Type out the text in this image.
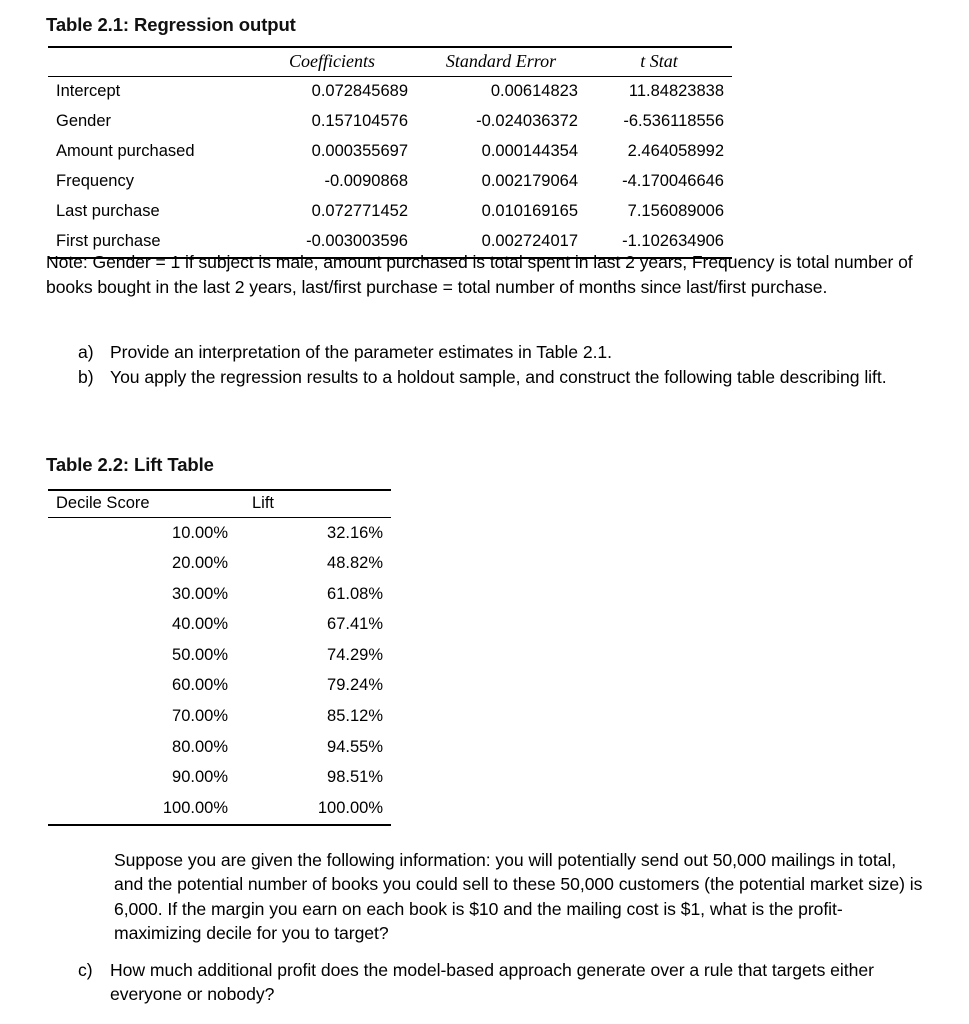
Table 2.1: Regression output
	Coefficients	Standard Error	t Stat
Intercept	0.072845689	0.00614823	11.84823838
Gender	0.157104576	-0.024036372	-6.536118556
Amount purchased	0.000355697	0.000144354	2.464058992
Frequency	-0.0090868	0.002179064	-4.170046646
Last purchase	0.072771452	0.010169165	7.156089006
First purchase	-0.003003596	0.002724017	-1.102634906
Note: Gender = 1 if subject is male, amount purchased is total spent in last 2 years, Frequency is total number of books bought in the last 2 years, last/first purchase = total number of months since last/first purchase.
a) Provide an interpretation of the parameter estimates in Table 2.1.
b) You apply the regression results to a holdout sample, and construct the following table describing lift.
Table 2.2: Lift Table
Decile Score	Lift
10.00%	32.16%
20.00%	48.82%
30.00%	61.08%
40.00%	67.41%
50.00%	74.29%
60.00%	79.24%
70.00%	85.12%
80.00%	94.55%
90.00%	98.51%
100.00%	100.00%
Suppose you are given the following information: you will potentially send out 50,000 mailings in total, and the potential number of books you could sell to these 50,000 customers (the potential market size) is 6,000. If the margin you earn on each book is $10 and the mailing cost is $1, what is the profit-maximizing decile for you to target?
c) How much additional profit does the model-based approach generate over a rule that targets either everyone or nobody?
